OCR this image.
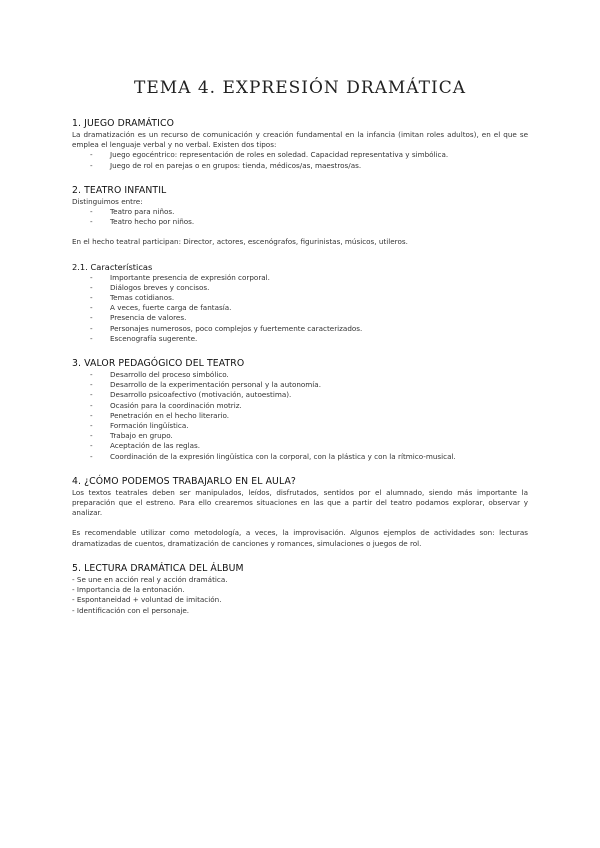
TEMA 4. EXPRESIÓN DRAMÁTICA
1. JUEGO DRAMÁTICO

La dramatización es un recurso de comunicación y creación fundamental en la infancia (imitan roles adultos), en el que se emplea el lenguaje verbal y no verbal. Existen dos tipos:

- Juego egocéntrico: representación de roles en soledad. Capacidad representativa y simbólica.
- Juego de rol en parejas o en grupos: tienda, médicos/as, maestros/as.
2. TEATRO INFANTIL

Distinguimos entre:

- Teatro para niños.
- Teatro hecho por niños.

En el hecho teatral participan: Director, actores, escenógrafos, figurinistas, músicos, utileros.

2.1. Características
- Importante presencia de expresión corporal.
- Diálogos breves y concisos.
- Temas cotidianos.
- A veces, fuerte carga de fantasía.
- Presencia de valores.
- Personajes numerosos, poco complejos y fuertemente caracterizados.
- Escenografía sugerente.
3. VALOR PEDAGÓGICO DEL TEATRO
- Desarrollo del proceso simbólico.
- Desarrollo de la experimentación personal y la autonomía.
- Desarrollo psicoafectivo (motivación, autoestima).
- Ocasión para la coordinación motriz.
- Penetración en el hecho literario.
- Formación lingüística.
- Trabajo en grupo.
- Aceptación de las reglas.
- Coordinación de la expresión lingüística con la corporal, con la plástica y con la rítmico-musical.
4. ¿CÓMO PODEMOS TRABAJARLO EN EL AULA?

Los textos teatrales deben ser manipulados, leídos, disfrutados, sentidos por el alumnado, siendo más importante la preparación que el estreno. Para ello crearemos situaciones en las que a partir del teatro podamos explorar, observar y analizar.

Es recomendable utilizar como metodología, a veces, la improvisación. Algunos ejemplos de actividades son: lecturas dramatizadas de cuentos, dramatización de canciones y romances, simulaciones o juegos de rol.

5. LECTURA DRAMÁTICA DEL ÁLBUM
- Se une en acción real y acción dramática.
- Importancia de la entonación.
- Espontaneidad + voluntad de imitación.
- Identificación con el personaje.
